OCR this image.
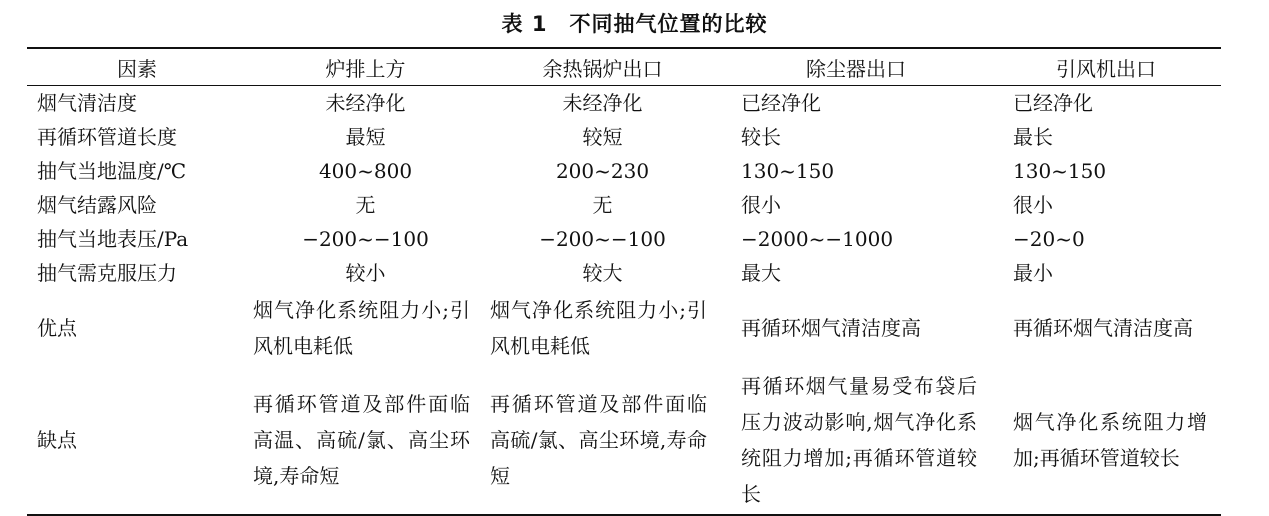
表 1 不同抽气位置的比较
因素	炉排上方	余热锅炉出口	除尘器出口	引风机出口
烟气清洁度	未经净化	未经净化	已经净化	已经净化
再循环管道长度	最短	较短	较长	最长
抽气当地温度/℃	400~800	200~230	130~150	130~150
烟气结露风险	无	无	很小	很小
抽气当地表压/Pa	−200~−100	−200~−100	−2000~−1000	−20~0
抽气需克服压力	较小	较大	最大	最小
优点	烟气净化系统阻力小;引风机电耗低	烟气净化系统阻力小;引风机电耗低	再循环烟气清洁度高	再循环烟气清洁度高
缺点	再循环管道及部件面临高温、高硫/氯、高尘环境,寿命短	再循环管道及部件面临高硫/氯、高尘环境,寿命短	再循环烟气量易受布袋后压力波动影响,烟气净化系统阻力增加;再循环管道较长	烟气净化系统阻力增加;再循环管道较长
